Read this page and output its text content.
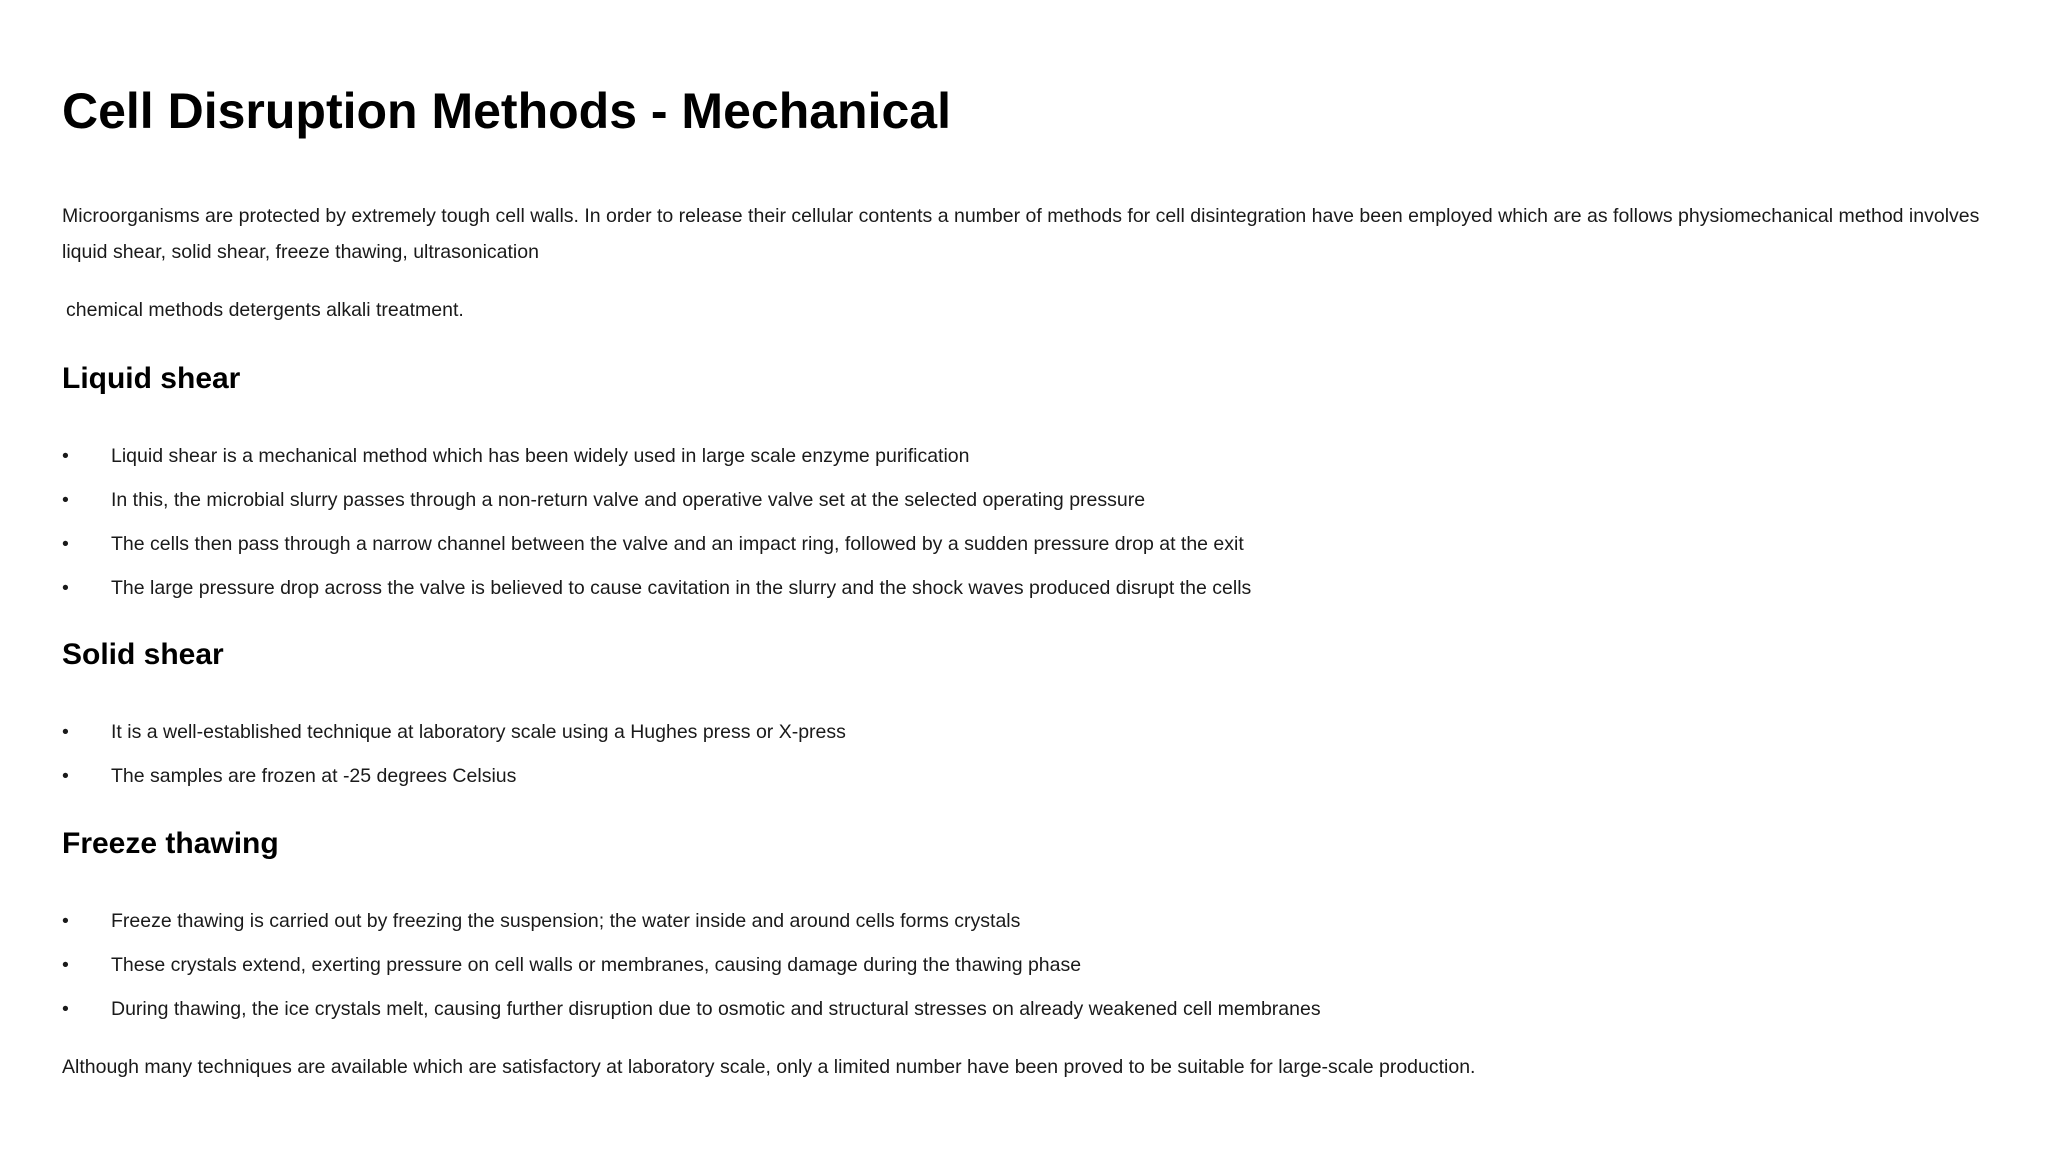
Cell Disruption Methods - Mechanical

Microorganisms are protected by extremely tough cell walls. In order to release their cellular contents a number of methods for cell disintegration have been employed which are as follows physiomechanical method involves liquid shear, solid shear, freeze thawing, ultrasonication

chemical methods detergents alkali treatment.

Liquid shear
•	Liquid shear is a mechanical method which has been widely used in large scale enzyme purification
•	In this, the microbial slurry passes through a non-return valve and operative valve set at the selected operating pressure
•	The cells then pass through a narrow channel between the valve and an impact ring, followed by a sudden pressure drop at the exit
•	The large pressure drop across the valve is believed to cause cavitation in the slurry and the shock waves produced disrupt the cells
Solid shear
•	It is a well-established technique at laboratory scale using a Hughes press or X-press
•	The samples are frozen at -25 degrees Celsius
Freeze thawing
•	Freeze thawing is carried out by freezing the suspension; the water inside and around cells forms crystals
•	These crystals extend, exerting pressure on cell walls or membranes, causing damage during the thawing phase
•	During thawing, the ice crystals melt, causing further disruption due to osmotic and structural stresses on already weakened cell membranes

Although many techniques are available which are satisfactory at laboratory scale, only a limited number have been proved to be suitable for large-scale production.
